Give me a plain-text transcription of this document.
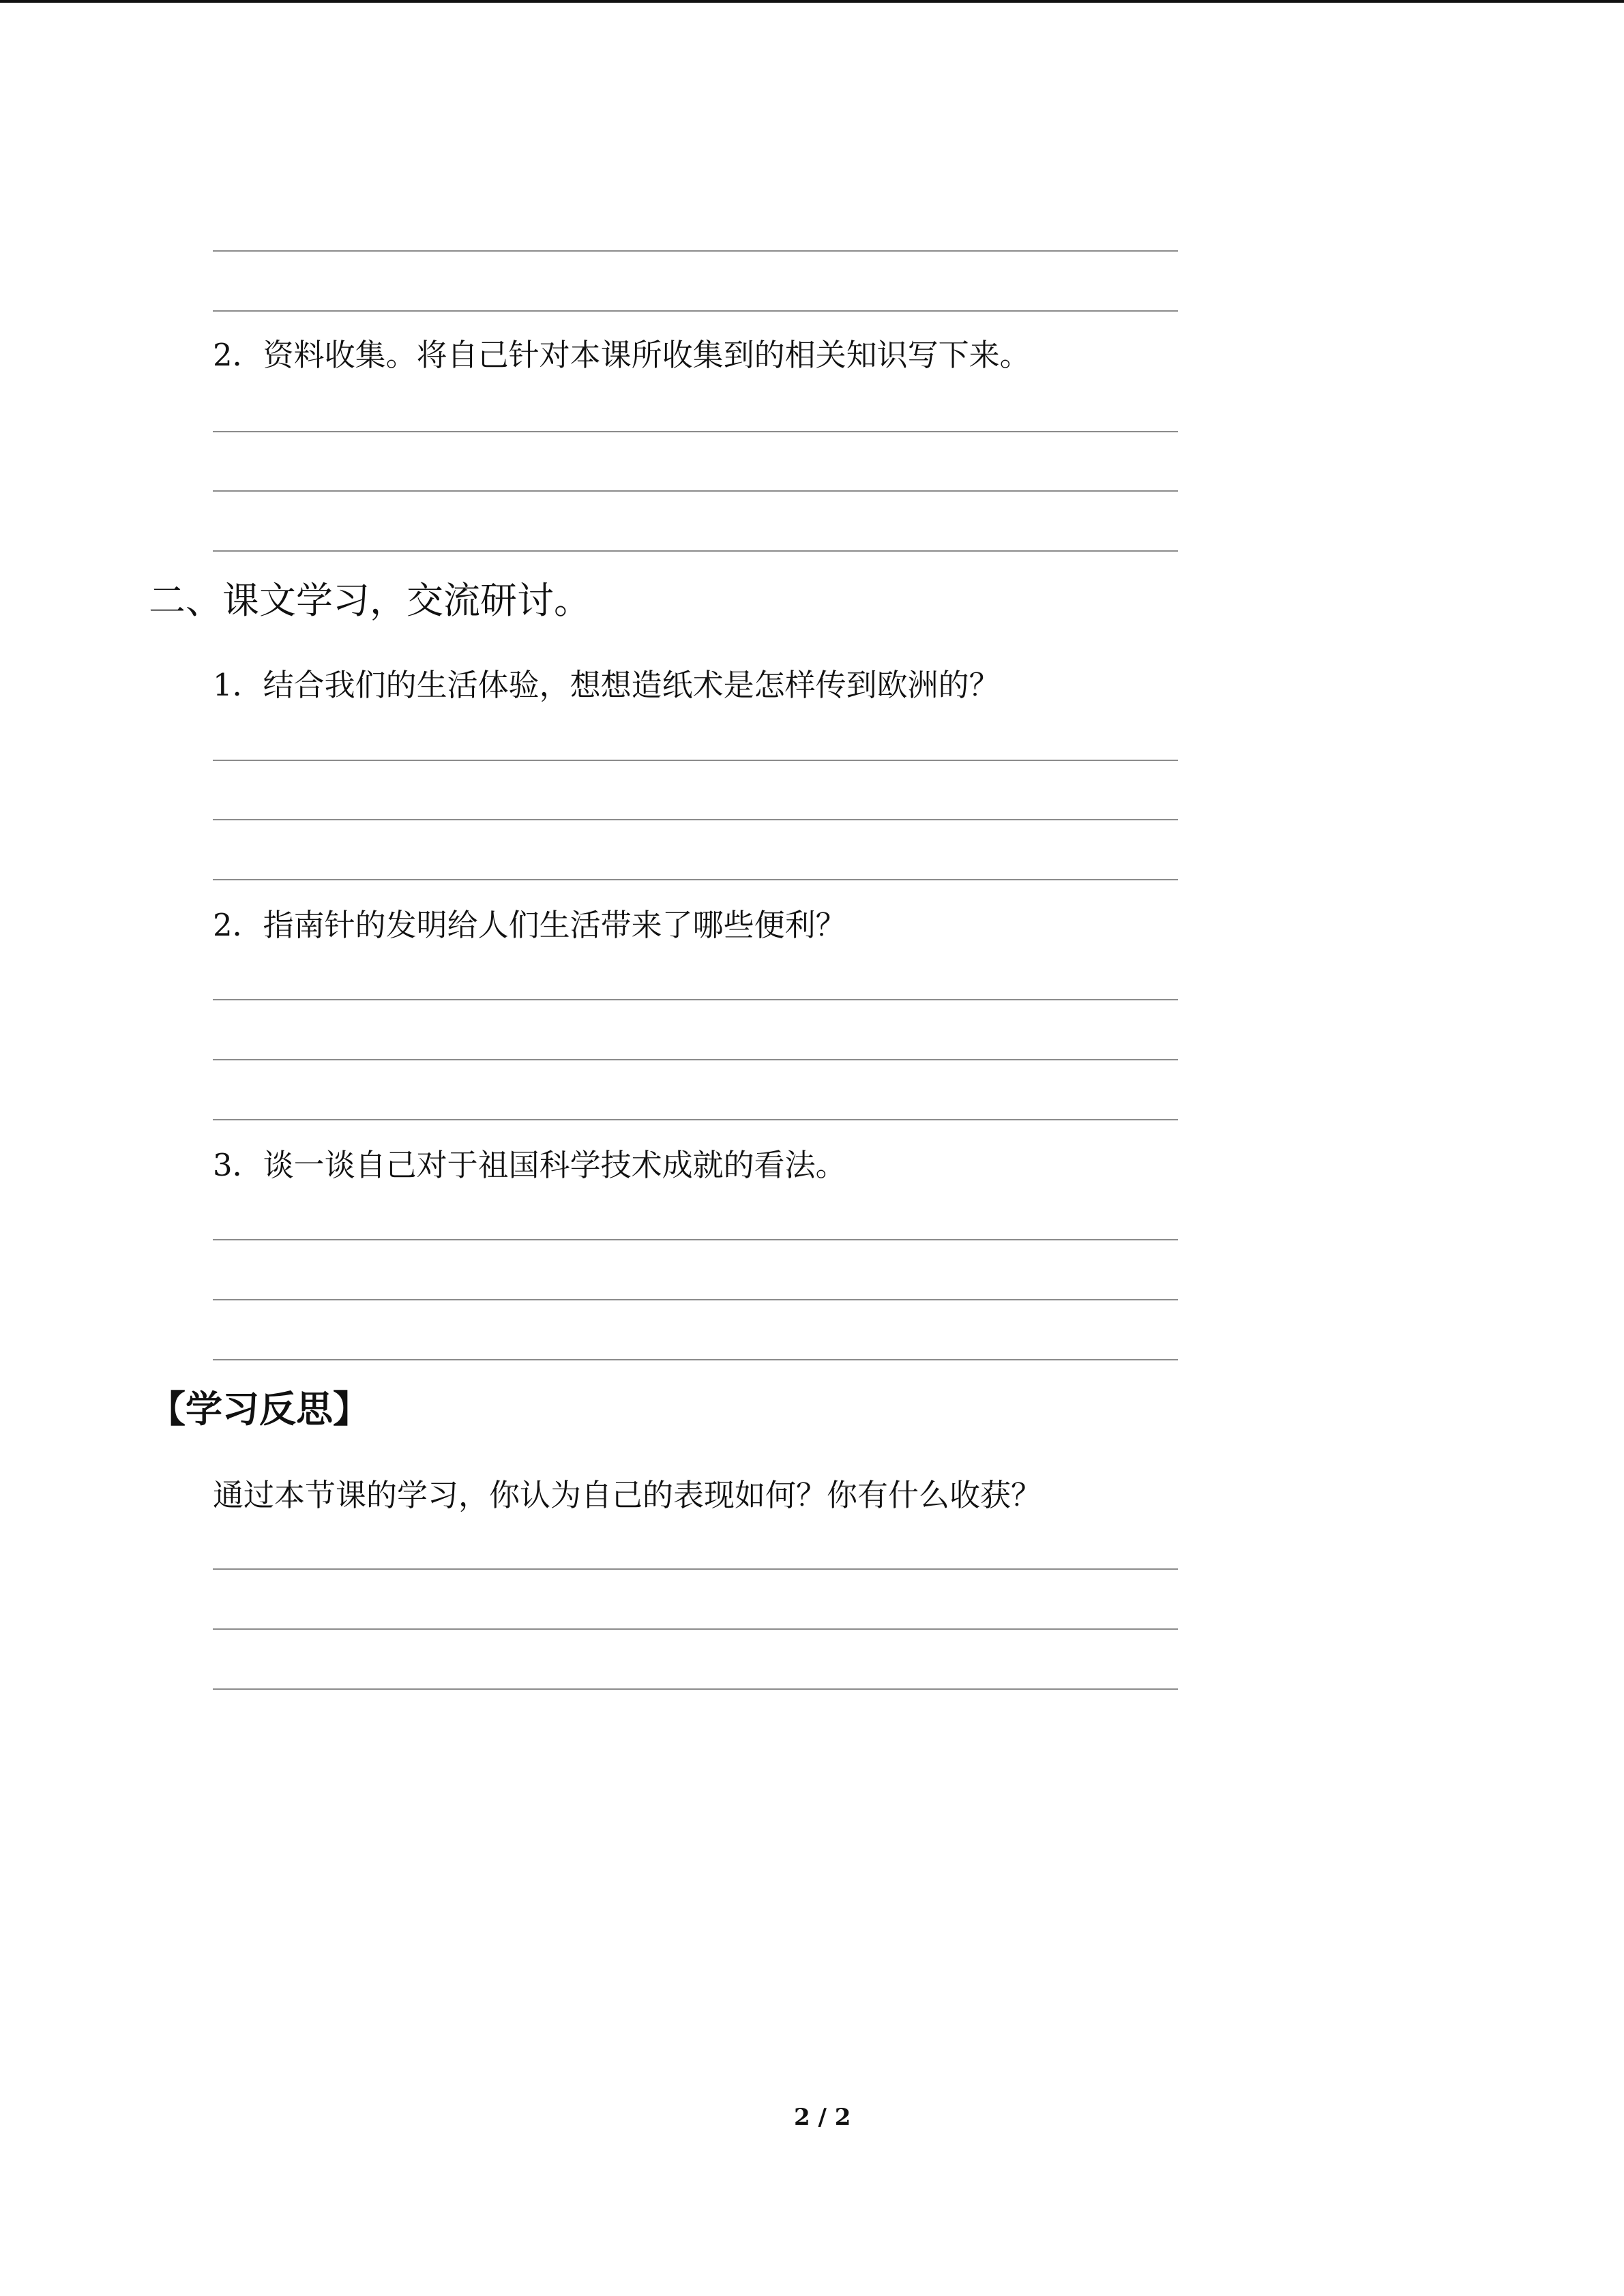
2．资料收集。将自己针对本课所收集到的相关知识写下来。
二、课文学习，交流研讨。
1．结合我们的生活体验，想想造纸术是怎样传到欧洲的？
2．指南针的发明给人们生活带来了哪些便利？
3．谈一谈自己对于祖国科学技术成就的看法。
【学习反思】
通过本节课的学习，你认为自己的表现如何？你有什么收获？
2 / 2
